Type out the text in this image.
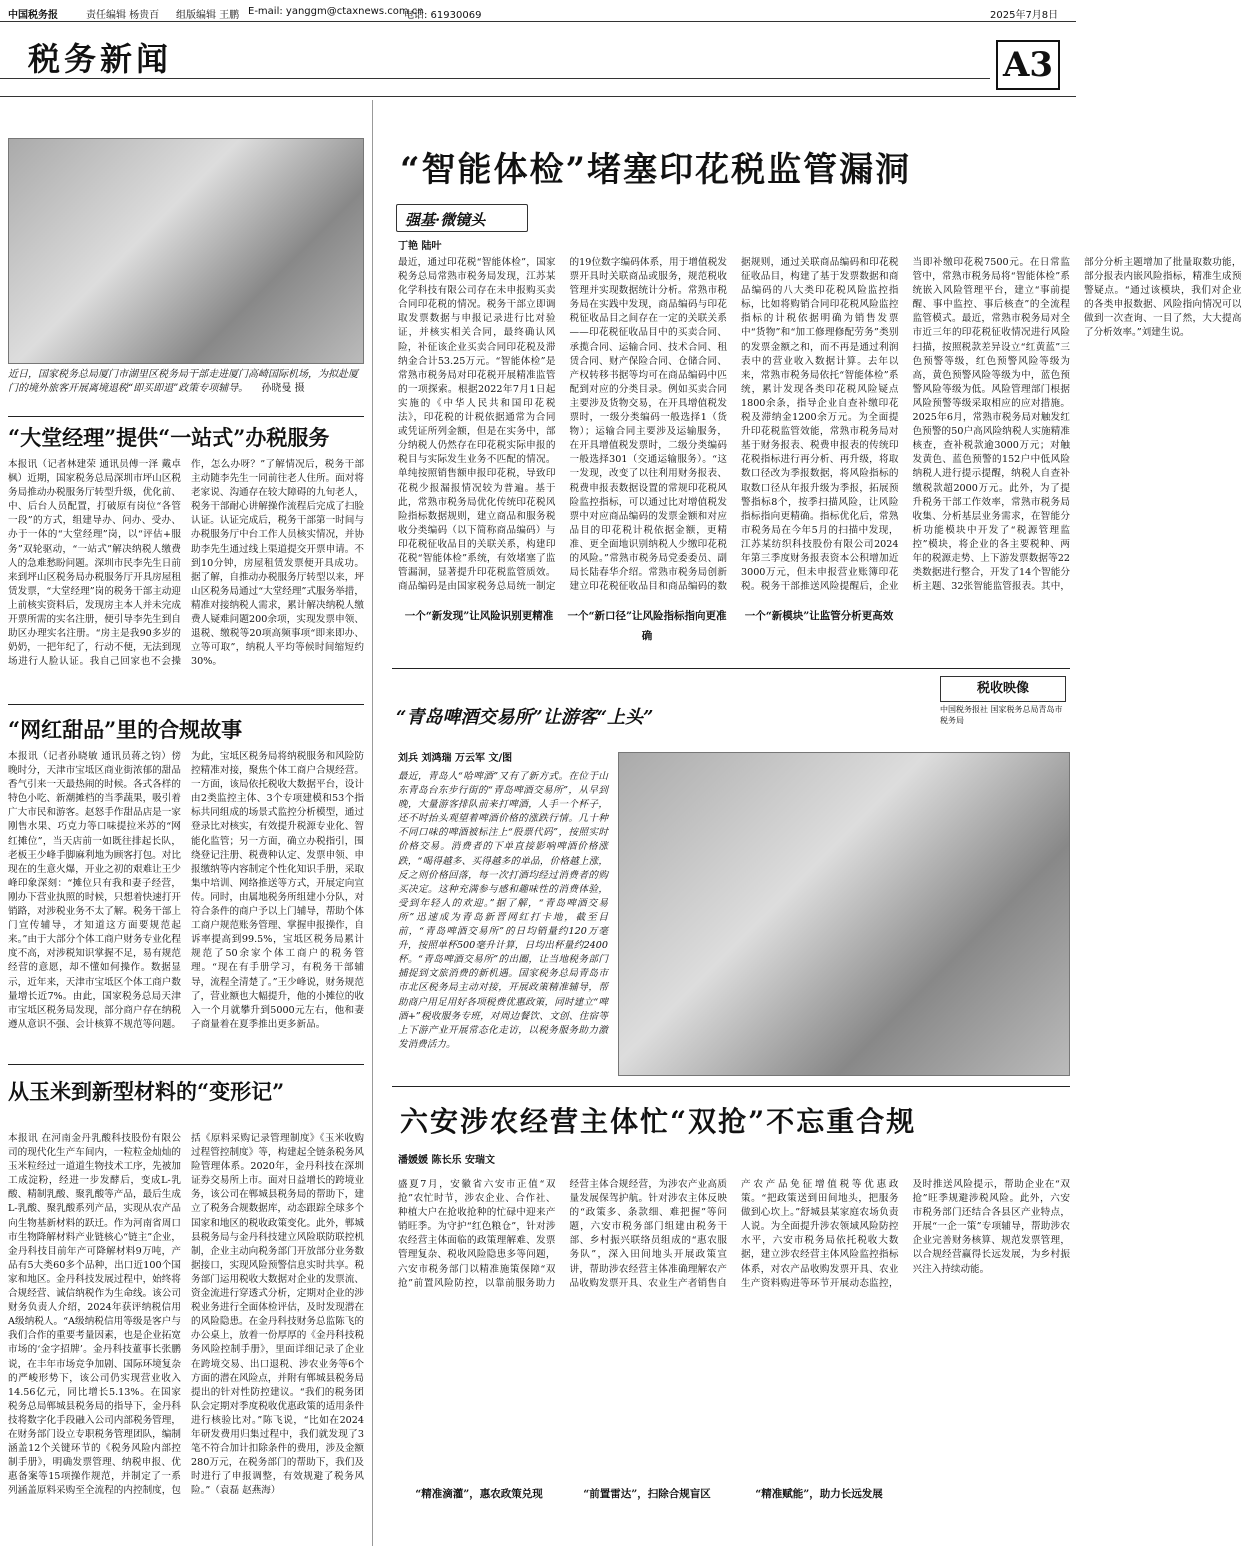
中国税务报	责任编辑 杨贵百 组版编辑 王鹏 E-mail: yanggm@ctaxnews.com.cn
电话: 61930069	2025年7月8日
税务新闻	A3
近日，国家税务总局厦门市湖里区税务局干部走进厦门高崎国际机场，为拟赴厦门的境外旅客开展离境退税“即买即退”政策专项辅导。 孙晓曼 摄
“大堂经理”提供“一站式”办税服务
本报讯（记者林建荣 通讯员傅一泽 戴卓枫）近期，国家税务总局深圳市坪山区税务局推动办税服务厅转型升级，优化前、中、后台人员配置，打破原有岗位“各管一段”的方式，组建导办、问办、受办、办于一体的“大堂经理”岗，以“评估+服务”双轮驱动，“一站式”解决纳税人缴费人的急难愁盼问题。深圳市民李先生日前来到坪山区税务局办税服务厅开具房屋租赁发票，“大堂经理”岗的税务干部主动迎上前核实资料后，发现房主本人并未完成开票所需的实名注册，便引导李先生到自助区办理实名注册。“房主是我90多岁的奶奶，一把年纪了，行动不便，无法到现场进行人脸认证。我自己回家也不会操作，怎么办呀？”了解情况后，税务干部主动随李先生一同前往老人住所。面对将老家说、沟通存在较大障碍的九旬老人，税务干部耐心讲解操作流程后完成了扫脸认证。认证完成后，税务干部第一时间与办税服务厅中台工作人员核实情况，并协助李先生通过线上渠道提交开票申请。不到10分钟，房屋租赁发票便开具成功。据了解，自推动办税服务厅转型以来，坪山区税务局通过“大堂经理”式服务举措，精准对接纳税人需求，累计解决纳税人缴费人疑难问题200余项，实现发票申领、退税、缴税等20项高频事项“即来即办、立等可取”，纳税人平均等候时间缩短约30%。
“网红甜品”里的合规故事
本报讯（记者孙晓敏 通讯员蒋之钧）傍晚时分，天津市宝坻区商业街浓郁的甜品香气引来一天最热闹的时候。各式各样的特色小吃、新潮摊档的当季蔬果，吸引着广大市民和游客。赵怒手作甜品店是一家刚售水果、巧克力等口味提拉米苏的“网红摊位”，当天店前一如既往排起长队，老板王少峰手脚麻利地为顾客打包。对比现在的生意火爆，开业之初的艰难让王少峰印象深刻：“摊位只有我和妻子经营，刚办下营业执照的时候，只想着快速打开销路，对涉税业务不太了解。税务干部上门宣传辅导，才知道这方面要规范起来。”由于大部分个体工商户财务专业化程度不高，对涉税知识掌握不足，易有规范经营的意愿，却不懂如何操作。数据显示，近年来，天津市宝坻区个体工商户数量增长近7%。由此，国家税务总局天津市宝坻区税务局发现，部分商户存在纳税遵从意识不强、会计核算不规范等问题。为此，宝坻区税务局将纳税服务和风险防控精准对接，聚焦个体工商户合规经营。一方面，该局依托税收大数据平台，设计由2类监控主体、3个专项建模和53个指标共同组成的场景式监控分析模型，通过登录比对核实，有效提升税源专业化、智能化监管；另一方面，确立办税指引，围绕登记注册、税费种认定、发票申领、申报缴纳等内容制定个性化知识手册，采取集中培训、网络推送等方式，开展定向宣传。同时，由属地税务所组建小分队，对符合条件的商户予以上门辅导，帮助个体工商户规范账务管理、掌握申报操作，自诉率提高到99.5%，宝坻区税务局累计规范了50余家个体工商户的税务管理。“现在有手册学习，有税务干部辅导，流程全清楚了。”王少峰说，财务规范了，营业额也大幅提升，他的小摊位的收入一个月就攀升到5000元左右，他和妻子商量着在夏季推出更多新品。
从玉米到新型材料的“变形记”
本报讯 在河南金丹乳酸科技股份有限公司的现代化生产车间内，一粒粒金灿灿的玉米粒经过一道道生物技术工序，先被加工成淀粉，经进一步发酵后，变成L-乳酸、精制乳酸、聚乳酸等产品，最后生成L-乳酸、聚乳酸系列产品，实现从农产品向生物基新材料的跃迁。作为河南省周口市生物降解材料产业链核心“链主”企业，金丹科技目前年产可降解材料9万吨，产品有5大类60多个品种，出口近100个国家和地区。金丹科技发展过程中，始终将合规经营、诚信纳税作为生命线。该公司财务负责人介绍，2024年获评纳税信用A级纳税人。“A级纳税信用等级是客户与我们合作的重要考量因素，也是企业拓宽市场的‘金字招牌’。金丹科技董事长张鹏说，在丰年市场竞争加剧、国际环境复杂的严峻形势下，该公司仍实现营业收入14.56亿元，同比增长5.13%。在国家税务总局郸城县税务局的指导下，金丹科技将数字化手段融入公司内部税务管理，在财务部门设立专职税务管理团队，编制涵盖12个关键环节的《税务风险内部控制手册》，明确发票管理、纳税申报、优惠备案等15项操作规范，并制定了一系列涵盖原料采购至全流程的内控制度，包括《原料采购记录管理制度》《玉米收购过程管控制度》等，构建起全链条税务风险管理体系。2020年，金丹科技在深圳证券交易所上市。面对日益增长的跨境业务，该公司在郸城县税务局的帮助下，建立了税务合规数据库，动态跟踪全球多个国家和地区的税收政策变化。此外，郸城县税务局与金丹科技建立风险联防联控机制，企业主动向税务部门开放部分业务数据接口，实现风险预警信息实时共享。税务部门运用税收大数据对企业的发票流、资金流进行穿透式分析，定期对企业的涉税业务进行全面体检评估，及时发现潜在的风险隐患。在金丹科技财务总监陈飞的办公桌上，放着一份厚厚的《金丹科技税务风险控制手册》，里面详细记录了企业在跨境交易、出口退税、涉农业务等6个方面的潜在风险点，并附有郸城县税务局提出的针对性防控建议。“我们的税务团队会定期对季度税收优惠政策的适用条件进行核验比对。”陈飞说，“比如在2024年研发费用归集过程中，我们就发现了3笔不符合加计扣除条件的费用，涉及金额280万元，在税务部门的帮助下，我们及时进行了申报调整，有效规避了税务风险。”（袁磊 赵燕海）
“智能体检”堵塞印花税监管漏洞
强基·微镜头
丁艳 陆叶
最近，通过印花税“智能体检”，国家税务总局常熟市税务局发现，江苏某化学科技有限公司存在未申报购买卖合同印花税的情况。税务干部立即调取发票数据与申报记录进行比对验证，并核实相关合同，最终确认风险，补征该企业买卖合同印花税及滞纳金合计53.25万元。“智能体检”是常熟市税务局对印花税开展精准监管的一项探索。根据2022年7月1日起实施的《中华人民共和国印花税法》，印花税的计税依据通常为合同或凭证所列金额，但是在实务中，部分纳税人仍然存在印花税实际申报的税目与实际发生业务不匹配的情况。单纯按照销售额申报印花税，导致印花税少报漏报情况较为普遍。基于此，常熟市税务局优化传统印花税风险指标数据规则，建立商品和服务税收分类编码（以下简称商品编码）与印花税征收品目的关联关系，构建印花税“智能体检”系统，有效堵塞了监管漏洞，显著提升印花税监管质效。商品编码是由国家税务总局统一制定的19位数字编码体系，用于增值税发票开具时关联商品或服务，规范税收管理并实现数据统计分析。常熟市税务局在实践中发现，商品编码与印花税征收品目之间存在一定的关联关系——印花税征收品目中的买卖合同、承揽合同、运输合同、技术合同、租赁合同、财产保险合同、仓储合同、产权转移书据等均可在商品编码中匹配到对应的分类目录。例如买卖合同主要涉及货物交易，在开具增值税发票时，一级分类编码一般选择1（货物）；运输合同主要涉及运输服务，在开具增值税发票时，二级分类编码一般选择301（交通运输服务）。“这一发现，改变了以往利用财务报表、税费申报表数据设置的常规印花税风险监控指标，可以通过比对增值税发票中对应商品编码的发票金额和对应品目的印花税计税依据金额，更精准、更全面地识别纳税人少缴印花税的风险。”常熟市税务局党委委员、副局长陆春华介绍。常熟市税务局创新建立印花税征收品目和商品编码的数据规则，通过关联商品编码和印花税征收品目，构建了基于发票数据和商品编码的八大类印花税风险监控指标，比如将购销合同印花税风险监控指标的计税依据明确为销售发票中“货物”和“加工修理修配劳务”类别的发票金额之和，而不再是通过利润表中的营业收入数据计算。去年以来，常熟市税务局依托“智能体检”系统，累计发现各类印花税风险疑点1800余条，指导企业自查补缴印花税及滞纳金1200余万元。为全面提升印花税监管效能，常熟市税务局对基于财务报表、税费申报表的传统印花税指标进行再分析、再升级，将取数口径改为季报数据，将风险指标的取数口径从年报升级为季报，拓展预警指标8个，按季扫描风险，让风险指标指向更精确。指标优化后，常熟市税务局在今年5月的扫描中发现，江苏某纺织科技股份有限公司2024年第三季度财务报表资本公积增加近3000万元，但未申报营业账簿印花税。税务干部推送风险提醒后，企业当即补缴印花税7500元。在日常监管中，常熟市税务局将“智能体检”系统嵌入风险管理平台，建立“事前提醒、事中监控、事后核查”的全流程监管模式。最近，常熟市税务局对全市近三年的印花税征收情况进行风险扫描，按照税款差异设立“红黄蓝”三色预警等级，红色预警风险等级为高，黄色预警风险等级为中，蓝色预警风险等级为低。风险管理部门根据风险预警等级采取相应的应对措施。2025年6月，常熟市税务局对触发红色预警的50户高风险纳税人实施精准核查，查补税款逾3000万元；对触发黄色、蓝色预警的152户中低风险纳税人进行提示提醒，纳税人自查补缴税款超2000万元。此外，为了提升税务干部工作效率，常熟市税务局收集、分析基层业务需求，在智能分析功能模块中开发了“税源管理监控”模块，将企业的各主要税种、两年的税源走势、上下游发票数据等22类数据进行整合，开发了14个智能分析主题、32张智能监管报表。其中，部分分析主题增加了批量取数功能，部分报表内嵌风险指标，精准生成预警疑点。“通过该模块，我们对企业的各类申报数据、风险指向情况可以做到一次查询、一目了然，大大提高了分析效率。”刘建生说。
一个“新发现”让风险识别更精准	一个“新口径”让风险指标指向更准确
一个“新模块”让监管分析更高效
“青岛啤酒交易所”让游客“上头”
税收映像
中国税务报社 国家税务总局青岛市税务局
刘兵 刘鸿瑞 万云军 文/图
最近，青岛人“哈啤酒”又有了新方式。在位于山东青岛台东步行街的“青岛啤酒交易所”，从早到晚，大量游客排队前来打啤酒，人手一个杯子，还不时抬头观望着啤酒价格的涨跌行情。几十种不同口味的啤酒被标注上“股票代码”，按照实时价格交易。消费者的下单直接影响啤酒价格涨跌，“喝得越多、买得越多的单品，价格越上涨，反之则价格回落，每一次打酒均经过消费者的购买决定。这种充满参与感和趣味性的消费体验，受到年轻人的欢迎。”据了解，“青岛啤酒交易所”迅速成为青岛新晋网红打卡地，截至目前，“青岛啤酒交易所”的日均销量约120万毫升，按照单杯500毫升计算，日均出杯量约2400杯。“青岛啤酒交易所”的出圈，让当地税务部门捕捉到文旅消费的新机遇。国家税务总局青岛市市北区税务局主动对接，开展政策精准辅导，帮助商户用足用好各项税费优惠政策，同时建立“啤酒+”税收服务专班，对周边餐饮、文创、住宿等上下游产业开展常态化走访，以税务服务助力激发消费活力。
六安涉农经营主体忙“双抢”不忘重合规
潘媛媛 陈长乐 安瑞文
盛夏7月，安徽省六安市正值“双抢”农忙时节，涉农企业、合作社、种植大户在抢收抢种的忙碌中迎来产销旺季。为守护“红色粮仓”，针对涉农经营主体面临的政策理解难、发票管理复杂、税收风险隐患多等问题，六安市税务部门以精准施策保障“双抢”前置风险防控，以靠前服务助力经营主体合规经营，为涉农产业高质量发展保驾护航。针对涉农主体反映的“政策多、条款细、难把握”等问题，六安市税务部门组建由税务干部、乡村振兴联络员组成的“惠农服务队”，深入田间地头开展政策宣讲，帮助涉农经营主体准确理解农产品收购发票开具、农业生产者销售自产农产品免征增值税等优惠政策。“把政策送到田间地头，把服务做到心坎上。”舒城县某家庭农场负责人说。为全面提升涉农领域风险防控水平，六安市税务局依托税收大数据，建立涉农经营主体风险监控指标体系，对农产品收购发票开具、农业生产资料购进等环节开展动态监控，及时推送风险提示，帮助企业在“双抢”旺季规避涉税风险。此外，六安市税务部门还结合各县区产业特点，开展“一企一策”专项辅导，帮助涉农企业完善财务核算、规范发票管理，以合规经营赢得长远发展，为乡村振兴注入持续动能。
“精准滴灌”，惠农政策兑现	“前置雷达”，扫除合规盲区	“精准赋能”，助力长远发展
